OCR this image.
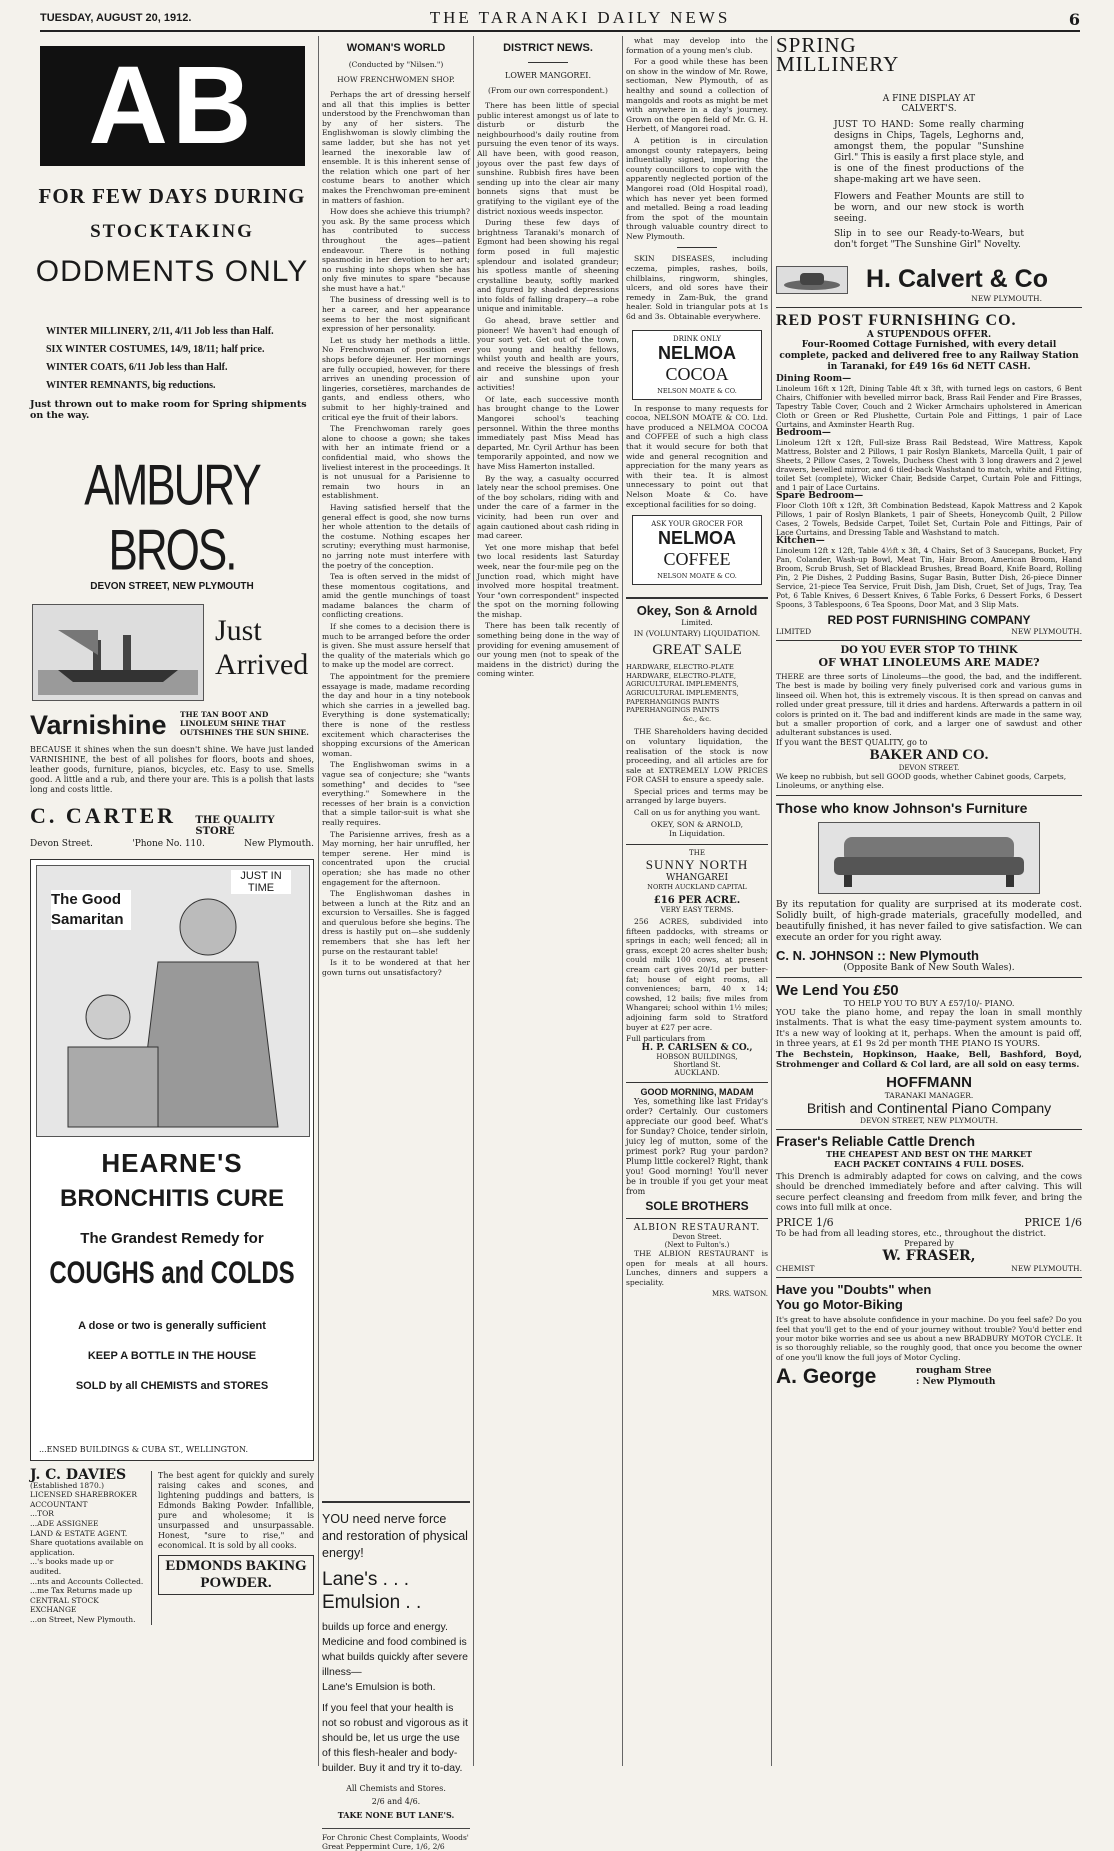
TUESDAY, AUGUST 20, 1912.	THE TARANAKI DAILY NEWS	6
AB
FOR FEW DAYS DURING
STOCKTAKING
ODDMENTS ONLY
WINTER MILLINERY, 2/11, 4/11 Job less than Half.
SIX WINTER COSTUMES, 14/9, 18/11; half price.
WINTER COATS, 6/11 Job less than Half.
WINTER REMNANTS, big reductions.
Just thrown out to make room for Spring shipments on the way.
AMBURY BROS.
DEVON STREET, NEW PLYMOUTH
Just Arrived
Varnishine	THE TAN BOOT AND LINOLEUM SHINE THAT OUTSHINES THE SUN SHINE.
BECAUSE it shines when the sun doesn't shine. We have just landed VARNISHINE, the best of all polishes for floors, boots and shoes, leather goods, furniture, pianos, bicycles, etc. Easy to use. Smells good. A little and a rub, and there your are. This is a polish that lasts long and costs little.
C. CARTER	THE QUALITY STORE
Devon Street.	'Phone No. 110.	New Plymouth.
The Good Samaritan
JUST IN TIME
HEARNE'S
BRONCHITIS CURE
The Grandest Remedy for
COUGHS and COLDS
A dose or two is generally sufficient
KEEP A BOTTLE IN THE HOUSE
SOLD by all CHEMISTS and STORES
...ENSED BUILDINGS & CUBA ST., WELLINGTON.
J. C. DAVIES
(Established 1870.)
LICENSED SHAREBROKER
ACCOUNTANT
...TOR
...ADE ASSIGNEE
LAND & ESTATE AGENT.
Share quotations available on application.
...'s books made up or audited.
...nts and Accounts Collected.
...me Tax Returns made up
CENTRAL STOCK EXCHANGE
...on Street, New Plymouth.
The best agent for quickly and surely raising cakes and scones, and lightening puddings and batters, is Edmonds Baking Powder. Infallible, pure and wholesome; it is unsurpassed and unsurpassable. Honest, "sure to rise," and economical. It is sold by all cooks.
EDMONDS BAKING POWDER.
WOMAN'S WORLD
(Conducted by "Nilsen.")
HOW FRENCHWOMEN SHOP.

Perhaps the art of dressing herself and all that this implies is better understood by the Frenchwoman than by any of her sisters. The Englishwoman is slowly climbing the same ladder, but she has not yet learned the inexorable law of ensemble. It is this inherent sense of the relation which one part of her costume bears to another which makes the Frenchwoman pre-eminent in matters of fashion.

How does she achieve this triumph? you ask. By the same process which has contributed to success throughout the ages—patient endeavour. There is nothing spasmodic in her devotion to her art; no rushing into shops when she has only five minutes to spare "because she must have a hat."

The business of dressing well is to her a career, and her appearance seems to her the most significant expression of her personality.

Let us study her methods a little. No Frenchwoman of position ever shops before déjeuner. Her mornings are fully occupied, however, for there arrives an unending procession of lingeries, corsetières, marchandes de gants, and endless others, who submit to her highly-trained and critical eye the fruit of their labors.

The Frenchwoman rarely goes alone to choose a gown; she takes with her an intimate friend or a confidential maid, who shows the liveliest interest in the proceedings. It is not unusual for a Parisienne to remain two hours in an establishment.

Having satisfied herself that the general effect is good, she now turns her whole attention to the details of the costume. Nothing escapes her scrutiny; everything must harmonise, no jarring note must interfere with the poetry of the conception.

Tea is often served in the midst of these momentous cogitations, and amid the gentle munchings of toast madame balances the charm of conflicting creations.

If she comes to a decision there is much to be arranged before the order is given. She must assure herself that the quality of the materials which go to make up the model are correct.

The appointment for the premiere essayage is made, madame recording the day and hour in a tiny notebook which she carries in a jewelled bag. Everything is done systematically; there is none of the restless excitement which characterises the shopping excursions of the American woman.

The Englishwoman swims in a vague sea of conjecture; she "wants something" and decides to "see everything." Somewhere in the recesses of her brain is a conviction that a simple tailor-suit is what she really requires.

The Parisienne arrives, fresh as a May morning, her hair unruffled, her temper serene. Her mind is concentrated upon the crucial operation; she has made no other engagement for the afternoon.

The Englishwoman dashes in between a lunch at the Ritz and an excursion to Versailles. She is fagged and querulous before she begins. The dress is hastily put on—she suddenly remembers that she has left her purse on the restaurant table!

Is it to be wondered at that her gown turns out unsatisfactory?

YOU need nerve force and restoration of physical energy!
Lane's . . . Emulsion . .
builds up force and energy. Medicine and food combined is what builds quickly after severe illness—
Lane's Emulsion is both.
If you feel that your health is not so robust and vigorous as it should be, let us urge the use of this flesh-healer and body-builder. Buy it and try it to-day.
All Chemists and Stores.
2/6 and 4/6.
TAKE NONE BUT LANE'S.
For Chronic Chest Complaints, Woods' Great Peppermint Cure, 1/6, 2/6
DISTRICT NEWS.
LOWER MANGOREI.
(From our own correspondent.)

There has been little of special public interest amongst us of late to disturb or disturb the neighbourhood's daily routine from pursuing the even tenor of its ways. All have been, with good reason, joyous over the past few days of sunshine. Rubbish fires have been sending up into the clear air many bonnets signs that must be gratifying to the vigilant eye of the district noxious weeds inspector.

During these few days of brightness Taranaki's monarch of Egmont had been showing his regal form posed in full majestic splendour and isolated grandeur; his spotless mantle of sheening crystalline beauty, softly marked and figured by shaded depressions into folds of falling drapery—a robe unique and inimitable.

Go ahead, brave settler and pioneer! We haven't had enough of your sort yet. Get out of the town, you young and healthy fellows, whilst youth and health are yours, and receive the blessings of fresh air and sunshine upon your activities!

Of late, each successive month has brought change to the Lower Mangorei school's teaching personnel. Within the three months immediately past Miss Mead has departed, Mr. Cyril Arthur has been temporarily appointed, and now we have Miss Hamerton installed.

By the way, a casualty occurred lately near the school premises. One of the boy scholars, riding with and under the care of a farmer in the vicinity, had been run over and again cautioned about cash riding in mad career.

Yet one more mishap that befel two local residents last Saturday week, near the four-mile peg on the Junction road, which might have involved more hospital treatment. Your "own correspondent" inspected the spot on the morning following the mishap.

There has been talk recently of something being done in the way of providing for evening amusement of our young men (not to speak of the maidens in the district) during the coming winter.

what may develop into the formation of a young men's club.

For a good while these has been on show in the window of Mr. Rowe, sectioman, New Plymouth, of as healthy and sound a collection of mangolds and roots as might be met with anywhere in a day's journey. Grown on the open field of Mr. G. H. Herbett, of Mangorei road.

A petition is in circulation amongst county ratepayers, being influentially signed, imploring the county councillors to cope with the apparently neglected portion of the Mangorei road (Old Hospital road), which has never yet been formed and metalled. Being a road leading from the spot of the mountain through valuable country direct to New Plymouth.

SKIN DISEASES, including eczema, pimples, rashes, boils, chilblains, ringworm, shingles, ulcers, and old sores have their remedy in Zam-Buk, the grand healer. Sold in triangular pots at 1s 6d and 3s. Obtainable everywhere.

DRINK ONLY
NELMOA
COCOA
NELSON MOATE & CO.

In response to many requests for cocoa, NELSON MOATE & CO. Ltd. have produced a NELMOA COCOA and COFFEE of such a high class that it would secure for both that wide and general recognition and appreciation for the many years as with their tea. It is almost unnecessary to point out that Nelson Moate & Co. have exceptional facilities for so doing.

ASK YOUR GROCER FOR
NELMOA
COFFEE
NELSON MOATE & CO.
Okey, Son & Arnold
Limited.
IN (VOLUNTARY) LIQUIDATION.
GREAT SALE
HARDWARE, ELECTRO-PLATE
HARDWARE, ELECTRO-PLATE,
AGRICULTURAL IMPLEMENTS,
AGRICULTURAL IMPLEMENTS,
PAPERHANGINGS PAINTS
PAPERHANGINGS PAINTS
&c., &c.

THE Shareholders having decided on voluntary liquidation, the realisation of the stock is now proceeding, and all articles are for sale at EXTREMELY LOW PRICES FOR CASH to ensure a speedy sale.

Special prices and terms may be arranged by large buyers.

Call on us for anything you want.
OKEY, SON & ARNOLD,
In Liquidation.
THE
SUNNY NORTH
WHANGAREI
NORTH AUCKLAND CAPITAL
£16 PER ACRE.
VERY EASY TERMS.

256 ACRES, subdivided into fifteen paddocks, with streams or springs in each; well fenced; all in grass, except 20 acres shelter bush; could milk 100 cows, at present cream cart gives 20/1d per butter-fat; house of eight rooms, all conveniences; barn, 40 x 14; cowshed, 12 bails; five miles from Whangarei; school within 1½ miles; adjoining farm sold to Stratford buyer at £27 per acre.

Full particulars from
H. P. CARLSEN & CO.,
HOBSON BUILDINGS,
Shortland St.
AUCKLAND.
GOOD MORNING, MADAM

Yes, something like last Friday's order? Certainly. Our customers appreciate our good beef. What's for Sunday? Choice, tender sirloin, juicy leg of mutton, some of the primest pork? Rug your pardon? Plump little cockerel? Right, thank you! Good morning! You'll never be in trouble if you get your meat from

SOLE BROTHERS
ALBION RESTAURANT.
Devon Street.
(Next to Fulton's.)

THE ALBION RESTAURANT is open for meals at all hours. Lunches, dinners and suppers a speciality.

MRS. WATSON.
SPRING MILLINERY
A FINE DISPLAY AT
CALVERT'S.
JUST TO HAND: Some really charming designs in Chips, Tagels, Leghorns and, amongst them, the popular "Sunshine Girl." This is easily a first place style, and is one of the finest productions of the shape-making art we have seen.
Flowers and Feather Mounts are still to be worn, and our new stock is worth seeing.
Slip in to see our Ready-to-Wears, but don't forget "The Sunshine Girl" Novelty.
H. Calvert & Co
NEW PLYMOUTH.
RED POST FURNISHING CO.
A STUPENDOUS OFFER.
Four-Roomed Cottage Furnished, with every detail complete, packed and delivered free to any Railway Station in Taranaki, for £49 16s 6d NETT CASH.
Dining Room—
Linoleum 16ft x 12ft, Dining Table 4ft x 3ft, with turned legs on castors, 6 Bent Chairs, Chiffonier with bevelled mirror back, Brass Rail Fender and Fire Brasses, Tapestry Table Cover, Couch and 2 Wicker Armchairs upholstered in American Cloth or Green or Red Plushette, Curtain Pole and Fittings, 1 pair of Lace Curtains, and Axminster Hearth Rug.
Bedroom—
Linoleum 12ft x 12ft, Full-size Brass Rail Bedstead, Wire Mattress, Kapok Mattress, Bolster and 2 Pillows, 1 pair Roslyn Blankets, Marcella Quilt, 1 pair of Sheets, 2 Pillow Cases, 2 Towels, Duchess Chest with 3 long drawers and 2 jewel drawers, bevelled mirror, and 6 tiled-back Washstand to match, white and Fitting, toilet Set (complete), Wicker Chair, Bedside Carpet, Curtain Pole and Fittings, and 1 pair of Lace Curtains.
Spare Bedroom—
Floor Cloth 10ft x 12ft, 3ft Combination Bedstead, Kapok Mattress and 2 Kapok Pillows, 1 pair of Roslyn Blankets, 1 pair of Sheets, Honeycomb Quilt, 2 Pillow Cases, 2 Towels, Bedside Carpet, Toilet Set, Curtain Pole and Fittings, Pair of Lace Curtains, and Dressing Table and Washstand to match.
Kitchen—
Linoleum 12ft x 12ft, Table 4½ft x 3ft, 4 Chairs, Set of 3 Saucepans, Bucket, Fry Pan, Colander, Wash-up Bowl, Meat Tin, Hair Broom, American Broom, Hand Broom, Scrub Brush, Set of Blacklead Brushes, Bread Board, Knife Board, Rolling Pin, 2 Pie Dishes, 2 Pudding Basins, Sugar Basin, Butter Dish, 26-piece Dinner Service, 21-piece Tea Service, Fruit Dish, Jam Dish, Cruet, Set of Jugs, Tray, Tea Pot, 6 Table Knives, 6 Dessert Knives, 6 Table Forks, 6 Dessert Forks, 6 Dessert Spoons, 3 Tablespoons, 6 Tea Spoons, Door Mat, and 3 Slip Mats.
RED POST FURNISHING COMPANY
LIMITED	NEW PLYMOUTH.
DO YOU EVER STOP TO THINK
OF WHAT LINOLEUMS ARE MADE?
THERE are three sorts of Linoleums—the good, the bad, and the indifferent. The best is made by boiling very finely pulverised cork and various gums in linseed oil. When hot, this is extremely viscous. It is then spread on canvas and rolled under great pressure, till it dries and hardens. Afterwards a pattern in oil colors is printed on it. The bad and indifferent kinds are made in the same way, but a smaller proportion of cork, and a larger one of sawdust and other adulterant substances is used.
If you want the BEST QUALITY, go to
BAKER AND CO.
DEVON STREET.
We keep no rubbish, but sell GOOD goods, whether Cabinet goods, Carpets, Linoleums, or anything else.
Those who know Johnson's Furniture
By its reputation for quality are surprised at its moderate cost. Solidly built, of high-grade materials, gracefully modelled, and beautifully finished, it has never failed to give satisfaction. We can execute an order for you right away.
C. N. JOHNSON :: New Plymouth
(Opposite Bank of New South Wales).
We Lend You £50
TO HELP YOU TO BUY A £57/10/- PIANO.
YOU take the piano home, and repay the loan in small monthly instalments. That is what the easy time-payment system amounts to. It's a new way of looking at it, perhaps. When the amount is paid off, in three years, at £1 9s 2d per month THE PIANO IS YOURS.
The Bechstein, Hopkinson, Haake, Bell, Bashford, Boyd, Strohmenger and Collard & Col lard, are all sold on easy terms.
HOFFMANN
TARANAKI MANAGER.
British and Continental Piano Company
DEVON STREET, NEW PLYMOUTH.
Fraser's Reliable Cattle Drench
THE CHEAPEST AND BEST ON THE MARKET
EACH PACKET CONTAINS 4 FULL DOSES.
This Drench is admirably adapted for cows on calving, and the cows should be drenched immediately before and after calving. This will secure perfect cleansing and freedom from milk fever, and bring the cows into full milk at once.
PRICE 1/6	PRICE 1/6
To be had from all leading stores, etc., throughout the district.
Prepared by
W. FRASER,
CHEMIST	NEW PLYMOUTH.
Have you "Doubts" when
You go Motor-Biking
It's great to have absolute confidence in your machine. Do you feel safe? Do you feel that you'll get to the end of your journey without trouble? You'd better end your motor bike worries and see us about a new BRADBURY MOTOR CYCLE. It is so thoroughly reliable, so the roughly good, that once you become the owner of one you'll know the full joys of Motor Cycling.
A. George	rougham Stree
: New Plymouth
